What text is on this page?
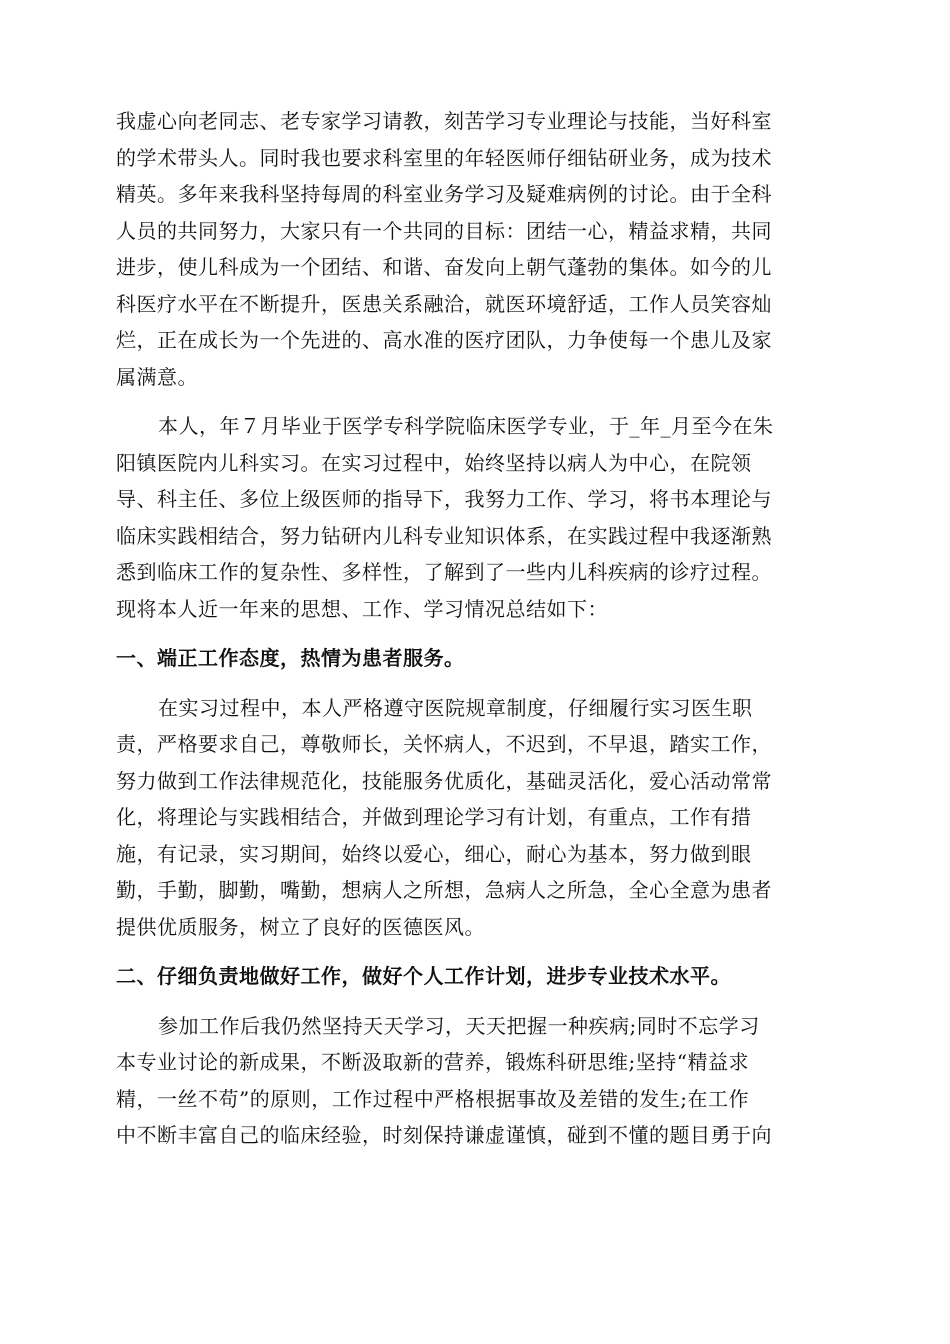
我虚心向老同志、老专家学习请教，刻苦学习专业理论与技能，当好科室
的学术带头人。同时我也要求科室里的年轻医师仔细钻研业务，成为技术
精英。多年来我科坚持每周的科室业务学习及疑难病例的讨论。由于全科
人员的共同努力，大家只有一个共同的目标：团结一心，精益求精，共同
进步，使儿科成为一个团结、和谐、奋发向上朝气蓬勃的集体。如今的儿
科医疗水平在不断提升，医患关系融洽，就医环境舒适，工作人员笑容灿
烂，正在成长为一个先进的、高水准的医疗团队，力争使每一个患儿及家
属满意。
本人，年７月毕业于医学专科学院临床医学专业，于_年_月至今在朱
阳镇医院内儿科实习。在实习过程中，始终坚持以病人为中心，在院领
导、科主任、多位上级医师的指导下，我努力工作、学习，将书本理论与
临床实践相结合，努力钻研内儿科专业知识体系，在实践过程中我逐渐熟
悉到临床工作的复杂性、多样性，了解到了一些内儿科疾病的诊疗过程。
现将本人近一年来的思想、工作、学习情况总结如下：
一、端正工作态度，热情为患者服务。
在实习过程中，本人严格遵守医院规章制度，仔细履行实习医生职
责，严格要求自己，尊敬师长，关怀病人，不迟到，不早退，踏实工作，
努力做到工作法律规范化，技能服务优质化，基础灵活化，爱心活动常常
化，将理论与实践相结合，并做到理论学习有计划，有重点，工作有措
施，有记录，实习期间，始终以爱心，细心，耐心为基本，努力做到眼
勤，手勤，脚勤，嘴勤，想病人之所想，急病人之所急，全心全意为患者
提供优质服务，树立了良好的医德医风。
二、仔细负责地做好工作，做好个人工作计划，进步专业技术水平。
参加工作后我仍然坚持天天学习，天天把握一种疾病;同时不忘学习
本专业讨论的新成果，不断汲取新的营养，锻炼科研思维;坚持“精益求
精，一丝不苟”的原则，工作过程中严格根据事故及差错的发生;在工作
中不断丰富自己的临床经验，时刻保持谦虚谨慎，碰到不懂的题目勇于向
